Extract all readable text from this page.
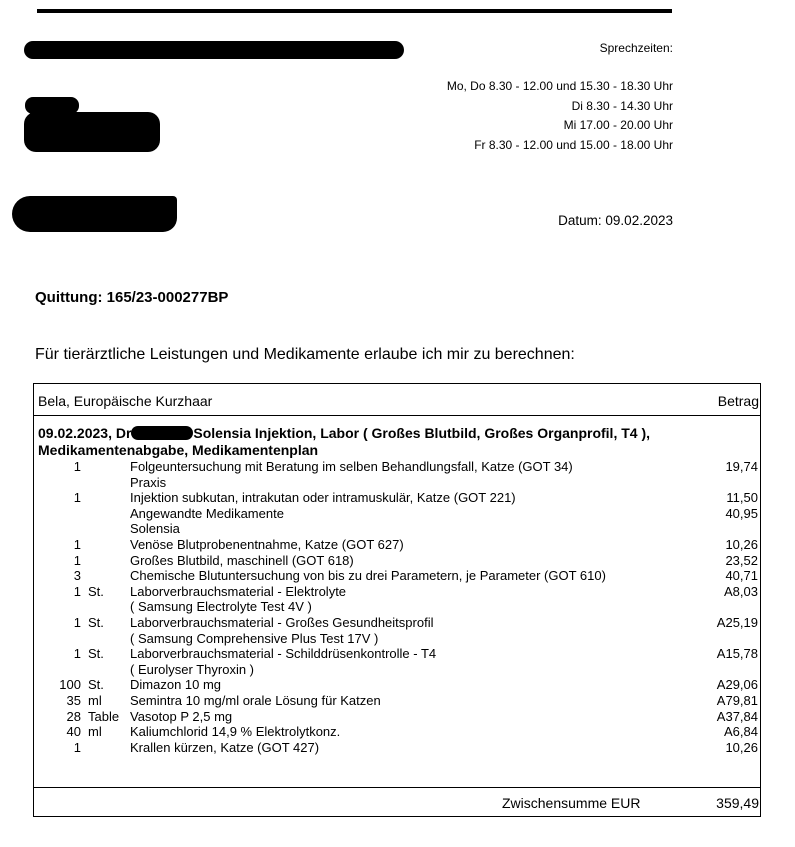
Sprechzeiten:
Mo, Do 8.30 - 12.00 und 15.30 - 18.30 Uhr
Di 8.30 - 14.30 Uhr
Mi 17.00 - 20.00 Uhr
Fr 8.30 - 12.00 und 15.00 - 18.00 Uhr
Datum: 09.02.2023
Quittung: 165/23-000277BP
Für tierärztliche Leistungen und Medikamente erlaube ich mir zu berechnen:
Bela, Europäische Kurzhaar	Betrag
09.02.2023, Dr	Solensia Injektion, Labor ( Großes Blutbild, Großes Organprofil, T4 ),
Medikamentenabgabe, Medikamentenplan
1	Folgeuntersuchung mit Beratung im selben Behandlungsfall, Katze (GOT 34)	19,74
Praxis
1	Injektion subkutan, intrakutan oder intramuskulär, Katze (GOT 221)	11,50
Angewandte Medikamente	40,95
Solensia
1	Venöse Blutprobenentnahme, Katze (GOT 627)	10,26
1	Großes Blutbild, maschinell (GOT 618)	23,52
3	Chemische Blutuntersuchung von bis zu drei Parametern, je Parameter (GOT 610)	40,71
1 St. Laborverbrauchsmaterial - Elektrolyte	A8,03
( Samsung Electrolyte Test 4V )
1 St. Laborverbrauchsmaterial - Großes Gesundheitsprofil	A25,19
( Samsung Comprehensive Plus Test 17V )
1 St. Laborverbrauchsmaterial - Schilddrüsenkontrolle - T4	A15,78
( Eurolyser Thyroxin )
100 St. Dimazon 10 mg	A29,06
35 ml Semintra 10 mg/ml orale Lösung für Katzen	A79,81
28 Table Vasotop P 2,5 mg	A37,84
40 ml Kaliumchlorid 14,9 % Elektrolytkonz.	A6,84
1	Krallen kürzen, Katze (GOT 427)	10,26
Zwischensumme EUR	359,49
